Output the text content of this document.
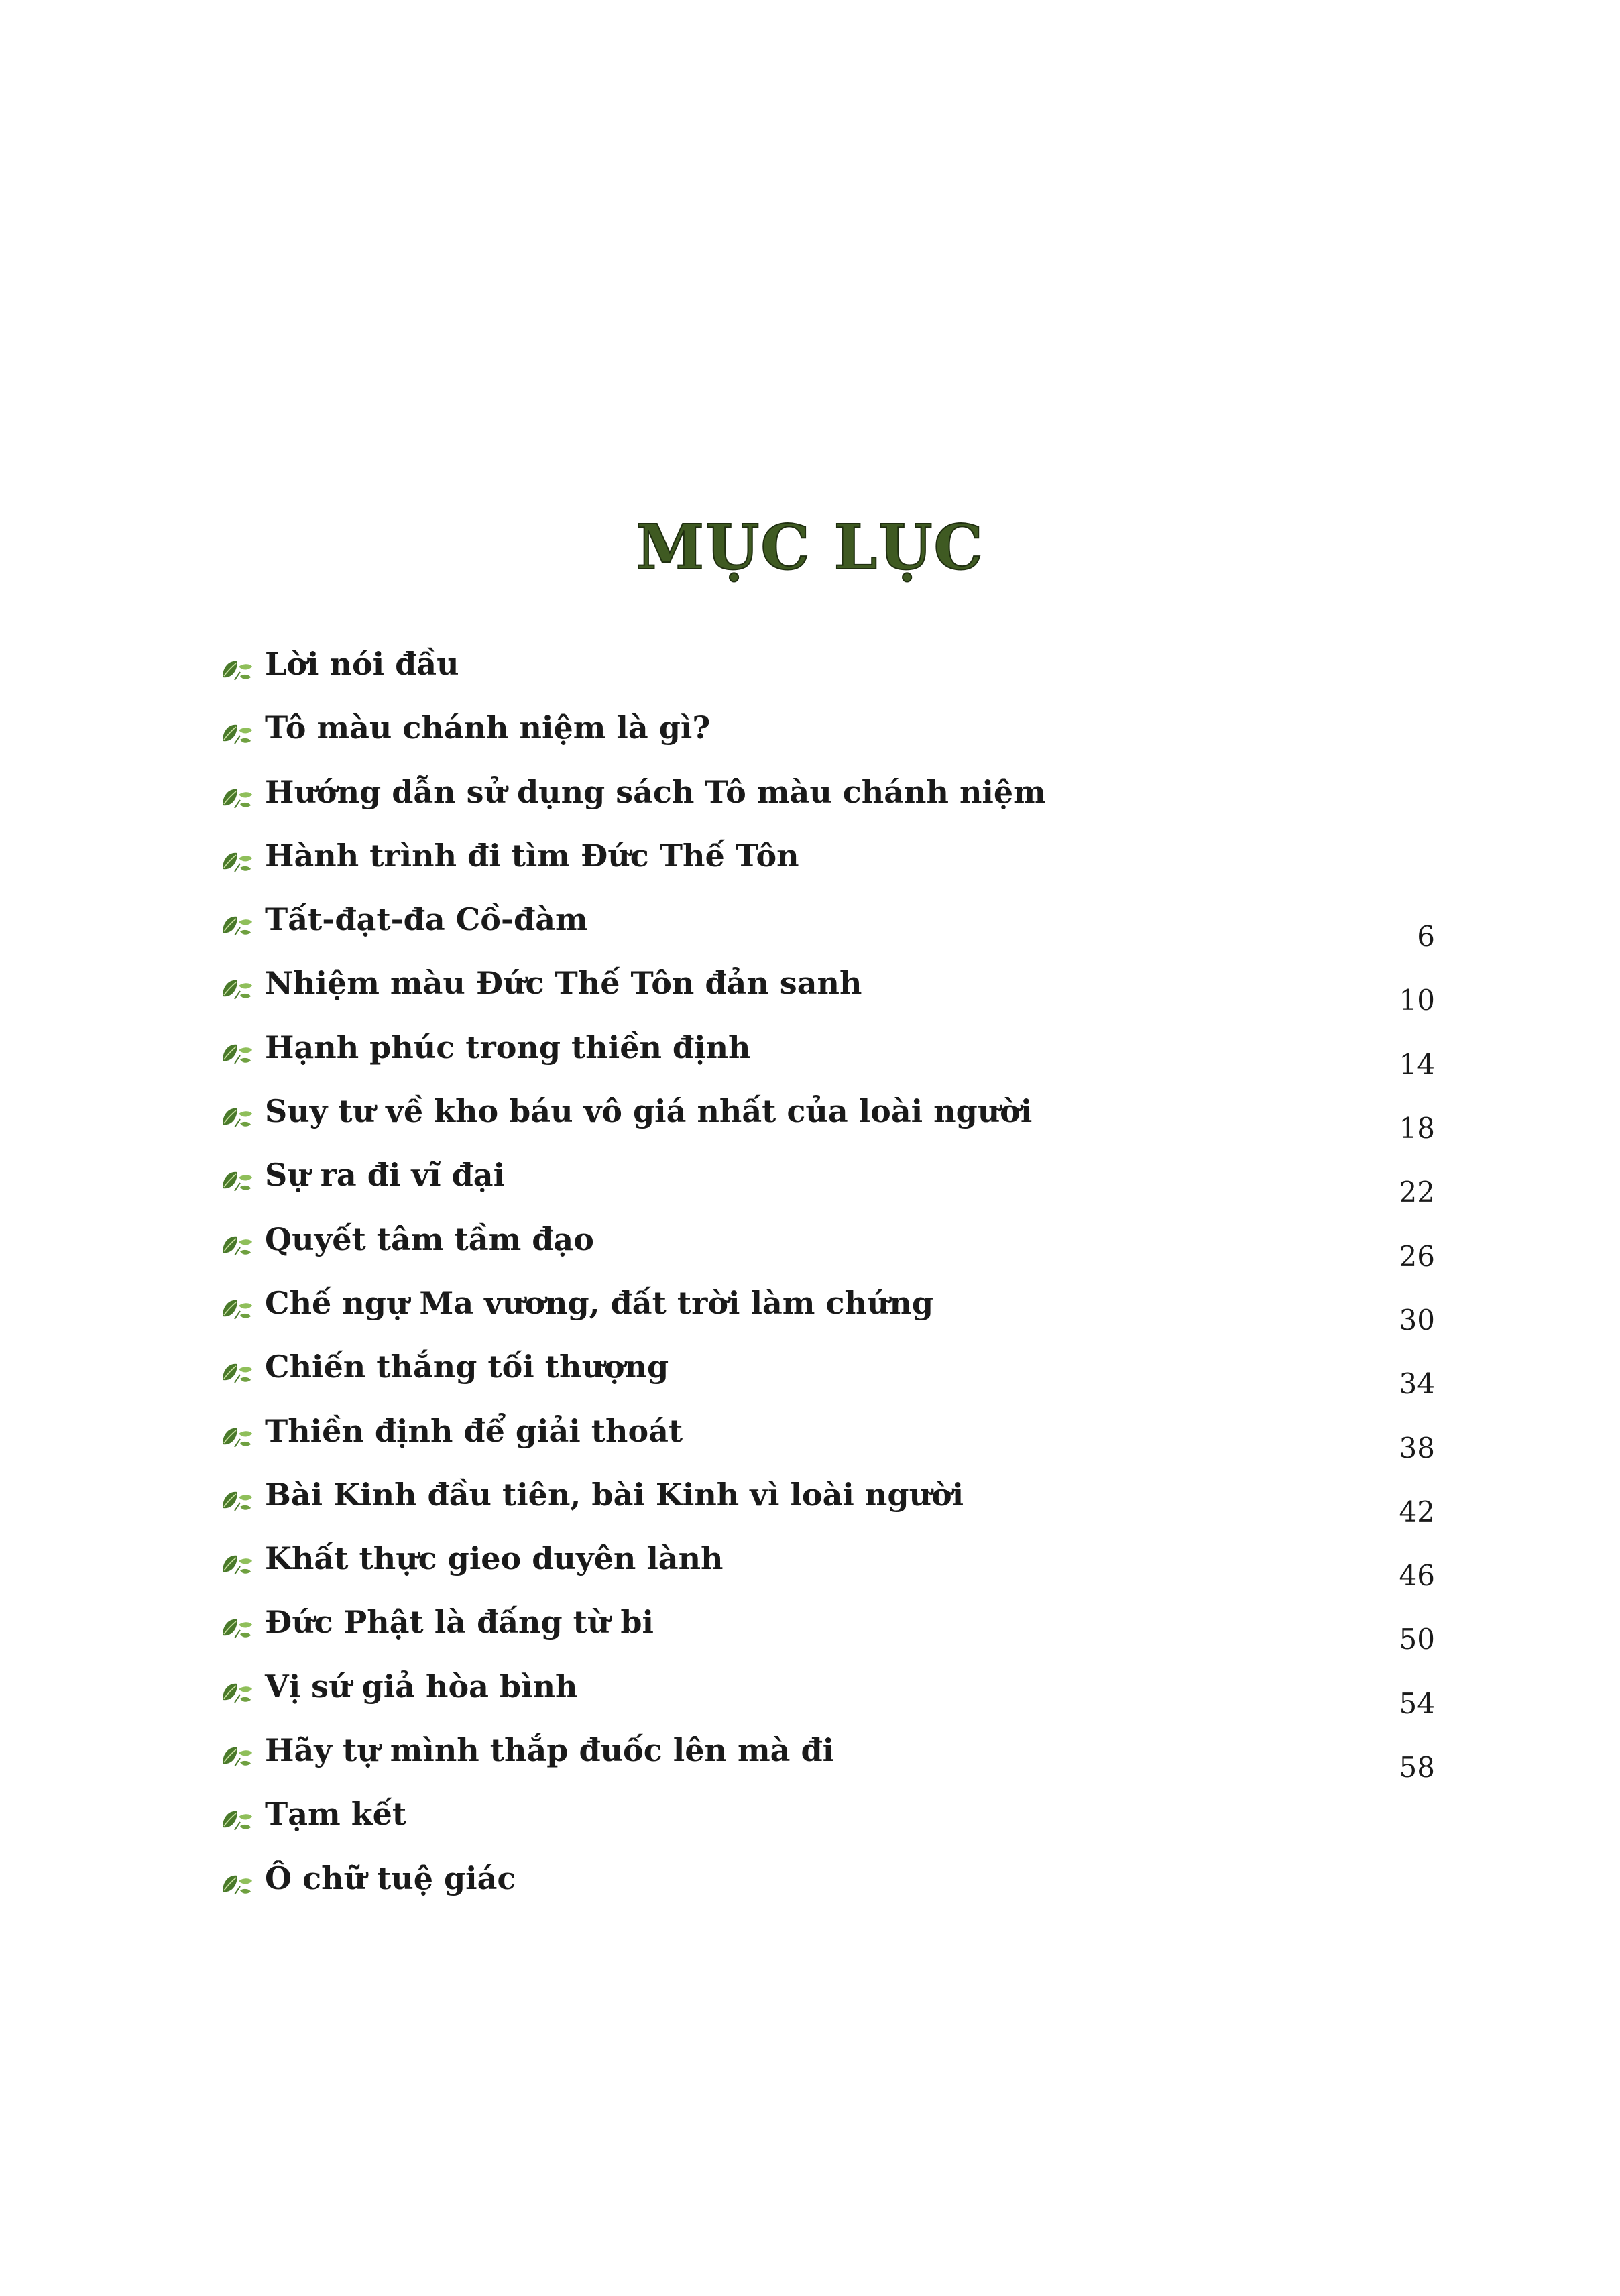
MỤC LỤC
Lời nói đầu
Tô màu chánh niệm là gì?
Hướng dẫn sử dụng sách Tô màu chánh niệm
Hành trình đi tìm Đức Thế Tôn
Tất-đạt-đa Cồ-đàm	6
Nhiệm màu Đức Thế Tôn đản sanh	10
Hạnh phúc trong thiền định	14
Suy tư về kho báu vô giá nhất của loài người	18
Sự ra đi vĩ đại	22
Quyết tâm tầm đạo	26
Chế ngự Ma vương, đất trời làm chứng	30
Chiến thắng tối thượng	34
Thiền định để giải thoát	38
Bài Kinh đầu tiên, bài Kinh vì loài người	42
Khất thực gieo duyên lành	46
Đức Phật là đấng từ bi	50
Vị sứ giả hòa bình	54
Hãy tự mình thắp đuốc lên mà đi	58
Tạm kết
Ô chữ tuệ giác
